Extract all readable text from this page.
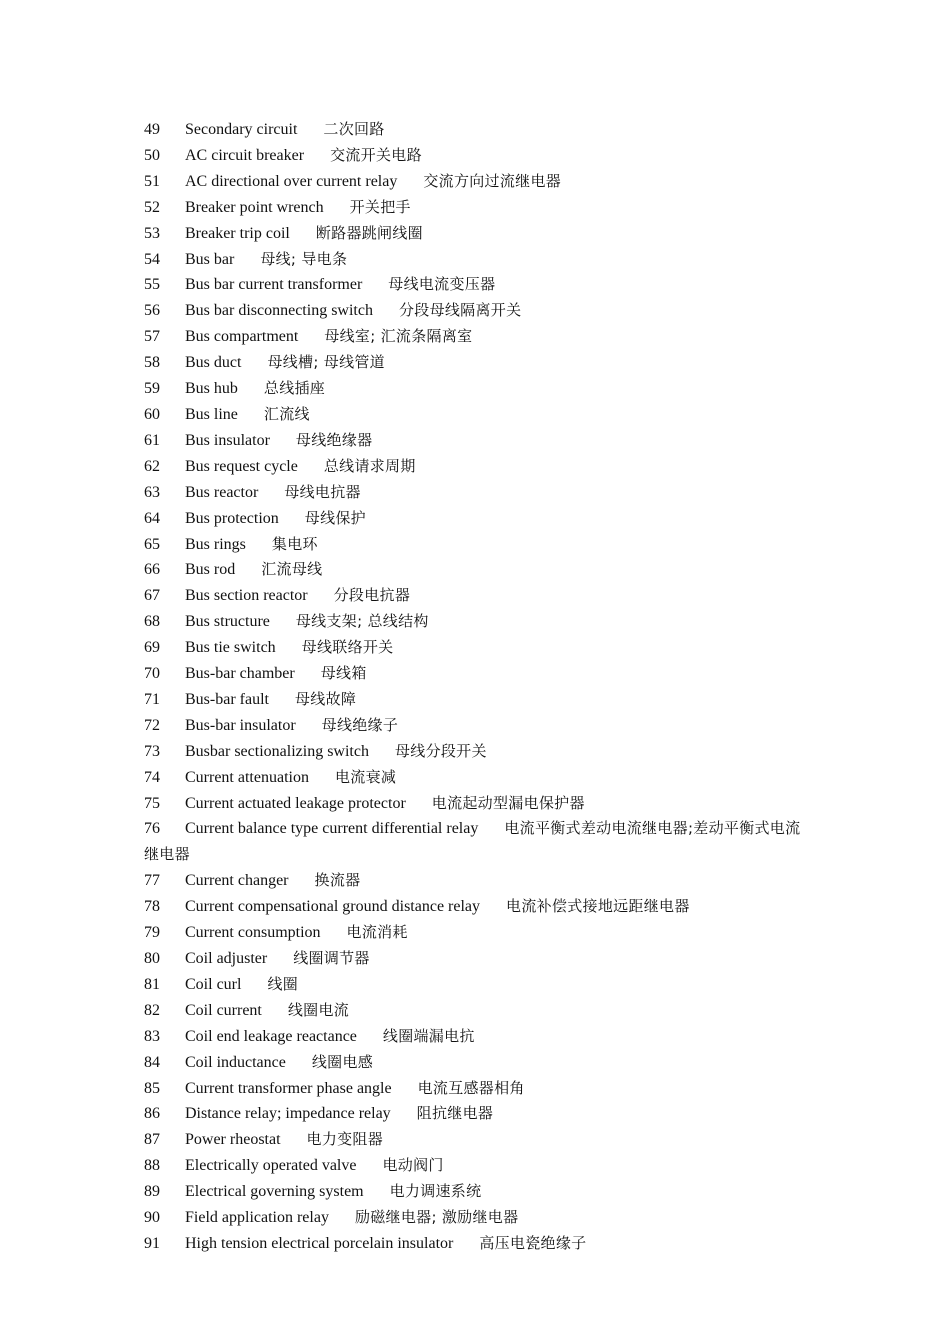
49 Secondary circuit 二次回路

50 AC circuit breaker 交流开关电路

51 AC directional over current relay 交流方向过流继电器

52 Breaker point wrench 开关把手

53 Breaker trip coil 断路器跳闸线圈

54 Bus bar 母线; 导电条

55 Bus bar current transformer 母线电流变压器

56 Bus bar disconnecting switch 分段母线隔离开关

57 Bus compartment 母线室; 汇流条隔离室

58 Bus duct 母线槽; 母线管道

59 Bus hub 总线插座

60 Bus line 汇流线

61 Bus insulator 母线绝缘器

62 Bus request cycle 总线请求周期

63 Bus reactor 母线电抗器

64 Bus protection 母线保护

65 Bus rings 集电环

66 Bus rod 汇流母线

67 Bus section reactor 分段电抗器

68 Bus structure 母线支架; 总线结构

69 Bus tie switch 母线联络开关

70 Bus-bar chamber 母线箱

71 Bus-bar fault 母线故障

72 Bus-bar insulator 母线绝缘子

73 Busbar sectionalizing switch 母线分段开关

74 Current attenuation 电流衰减

75 Current actuated leakage protector 电流起动型漏电保护器

76 Current balance type current differential relay 电流平衡式差动电流继电器;差动平衡式电流继电器

77 Current changer 换流器

78 Current compensational ground distance relay 电流补偿式接地远距继电器

79 Current consumption 电流消耗

80 Coil adjuster 线圈调节器

81 Coil curl 线圈

82 Coil current 线圈电流

83 Coil end leakage reactance 线圈端漏电抗

84 Coil inductance 线圈电感

85 Current transformer phase angle 电流互感器相角

86 Distance relay; impedance relay 阻抗继电器

87 Power rheostat 电力变阻器

88 Electrically operated valve 电动阀门

89 Electrical governing system 电力调速系统

90 Field application relay 励磁继电器; 激励继电器

91 High tension electrical porcelain insulator 高压电瓷绝缘子
